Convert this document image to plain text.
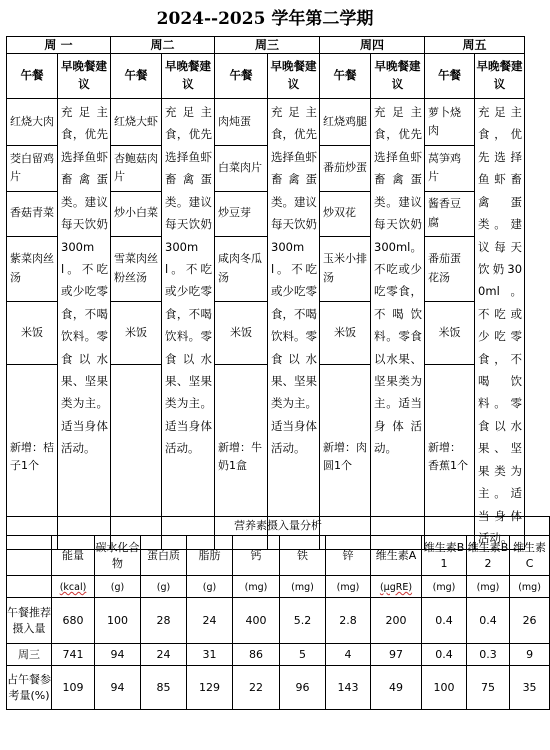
2024--2025 学年第二学期
周 一		周二		周三		周四		周五	
午餐	早晚餐建议	午餐	早晚餐建议	午餐	早晚餐建议	午餐	早晚餐建议	午餐	早晚餐建议
红烧大肉	充足主食，优先选择鱼虾畜禽蛋类。建议每天饮奶300ml。不吃或少吃零食，不喝饮料。零食以水果、坚果类为主。适当身体活动。	红烧大虾	充足主食，优先选择鱼虾畜禽蛋类。建议每天饮奶300ml。不吃或少吃零食，不喝饮料。零食以水果、坚果类为主。适当身体活动。	肉炖蛋	充足主食，优先选择鱼虾畜禽蛋类。建议每天饮奶300ml。不吃或少吃零食，不喝饮料。零食以水果、坚果类为主。适当身体活动。	红烧鸡腿	充足主食，优先选择鱼虾畜禽蛋类。建议每天饮奶300ml。不吃或少吃零食，不喝饮料。零食以水果、坚果类为主。适当身体活动。	萝卜烧肉	充足主食，优先选择鱼虾畜禽蛋类。建议每天饮奶300ml。不吃或少吃零食，不喝饮料。零食以水果、坚果类为主。适当身体活动。
茭白留鸡片		杏鲍菇肉片		白菜肉片		番茄炒蛋		莴笋鸡片	
香菇青菜		炒小白菜		炒豆芽		炒双花		酱香豆腐	
紫菜肉丝汤		雪菜肉丝粉丝汤		咸肉冬瓜汤		玉米小排汤		番茄蛋花汤	
米饭		米饭		米饭		米饭		米饭	
新增：桔子1个				新增：牛奶1盒		新增：肉圆1个		新增：香蕉1个	
营养素摄入量分析											
	能量	碳水化合物	蛋白质	脂肪	钙	铁	锌	维生素A	维生素B1	维生素B2	维生素C
	(kcal)	(g)	(g)	(g)	(mg)	(mg)	(mg)	(μgRE)	(mg)	(mg)	(mg)
午餐推荐摄入量	680	100	28	24	400	5.2	2.8	200	0.4	0.4	26
周三	741	94	24	31	86	5	4	97	0.4	0.3	9
占午餐参考量(%)	109	94	85	129	22	96	143	49	100	75	35
